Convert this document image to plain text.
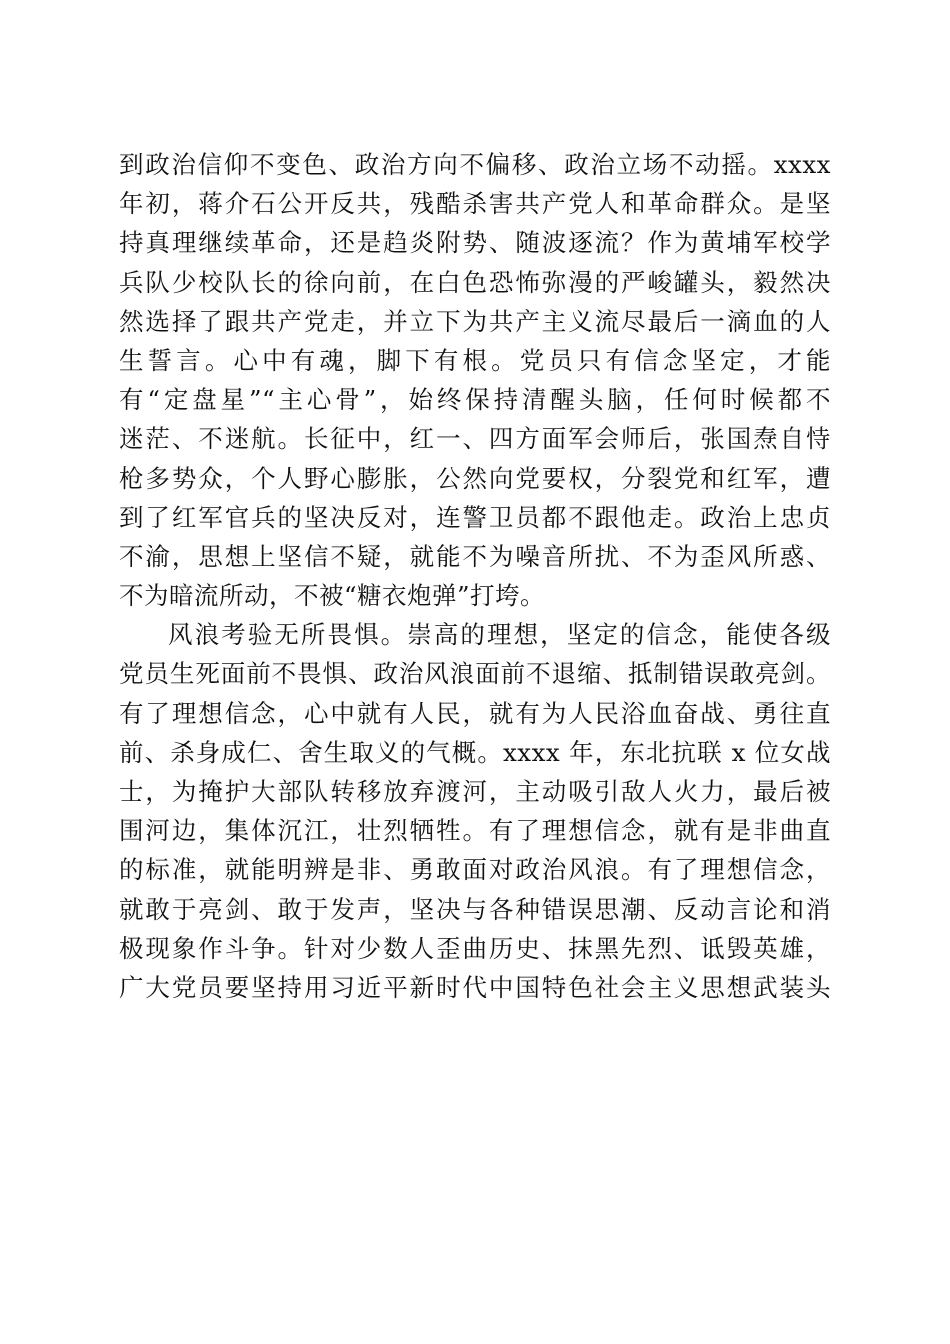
到政治信仰不变色、政治方向不偏移、政治立场不动摇。xxxx
年初，蒋介石公开反共，残酷杀害共产党人和革命群众。是坚
持真理继续革命，还是趋炎附势、随波逐流？作为黄埔军校学
兵队少校队长的徐向前，在白色恐怖弥漫的严峻罐头，毅然决
然选择了跟共产党走，并立下为共产主义流尽最后一滴血的人
生誓言。心中有魂，脚下有根。党员只有信念坚定，才能
有“定盘星”“主心骨”，始终保持清醒头脑，任何时候都不
迷茫、不迷航。长征中，红一、四方面军会师后，张国焘自恃
枪多势众，个人野心膨胀，公然向党要权，分裂党和红军，遭
到了红军官兵的坚决反对，连警卫员都不跟他走。政治上忠贞
不渝，思想上坚信不疑，就能不为噪音所扰、不为歪风所惑、
不为暗流所动，不被“糖衣炮弹”打垮。
风浪考验无所畏惧。崇高的理想，坚定的信念，能使各级
党员生死面前不畏惧、政治风浪面前不退缩、抵制错误敢亮剑。
有了理想信念，心中就有人民，就有为人民浴血奋战、勇往直
前、杀身成仁、舍生取义的气概。xxxx 年，东北抗联 x 位女战
士，为掩护大部队转移放弃渡河，主动吸引敌人火力，最后被
围河边，集体沉江，壮烈牺牲。有了理想信念，就有是非曲直
的标准，就能明辨是非、勇敢面对政治风浪。有了理想信念，
就敢于亮剑、敢于发声，坚决与各种错误思潮、反动言论和消
极现象作斗争。针对少数人歪曲历史、抹黑先烈、诋毁英雄，
广大党员要坚持用习近平新时代中国特色社会主义思想武装头
